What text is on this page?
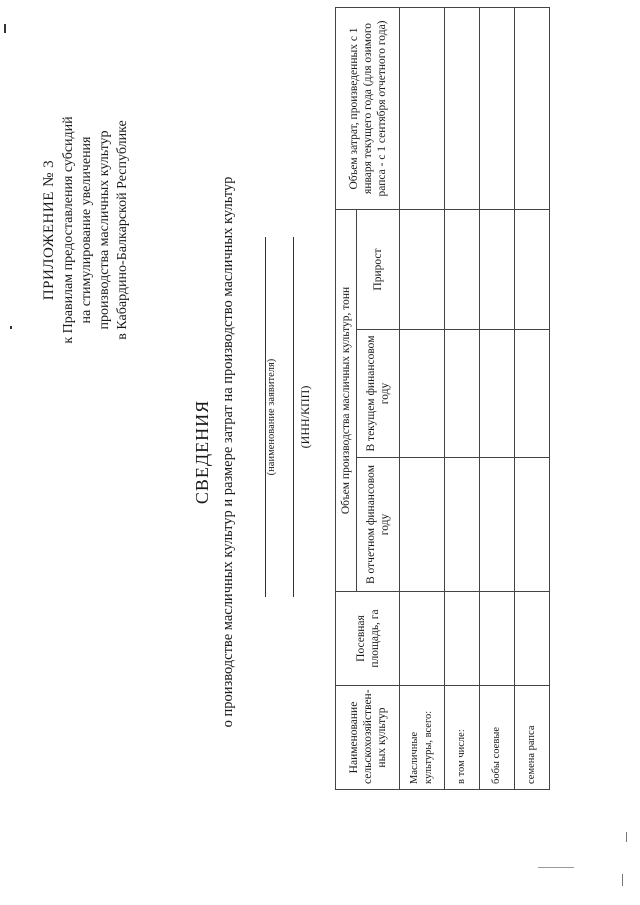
ПРИЛОЖЕНИЕ № 3 к Правилам предоставления субсидий на стимулирование увеличения производства масличных культур в Кабардино-Балкарской Республике
СВЕДЕНИЯ о производстве масличных культур и размере затрат на производство масличных культур	(наименование заявителя)	(ИНН/КПП)
Наименование сельскохозяйствен-ных культур	Посевная площадь, га	Объем производства масличных культур, тонн			Объем затрат, произведенных с 1 января текущего года (для озимого рапса - с 1 сентября отчетного года)
		В отчетном финансовом году	В текущем финансовом году	Прирост	
Масличные культуры, всего:					
в том числе:					
бобы соевые					
семена рапса					
